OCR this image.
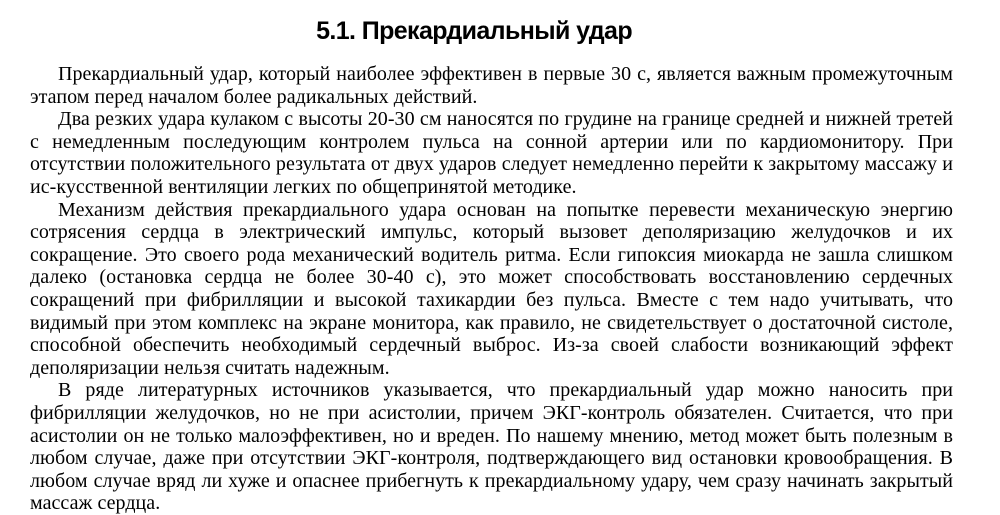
5.1. Прекардиальный удар

Прекардиальный удар, который наиболее эффективен в первые 30 с, является важным промежуточным этапом перед началом более радикальных действий.

Два резких удара кулаком с высоты 20-30 см наносятся по грудине на границе средней и нижней третей с немедленным последующим контролем пульса на сонной артерии или по кардиомонитору. При отсутствии положительного результата от двух ударов следует немедленно перейти к закрытому массажу и ис-кусственной вентиляции легких по общепринятой методике.

Механизм действия прекардиального удара основан на попытке перевести механическую энергию сотрясения сердца в электрический импульс, который вызовет деполяризацию желудочков и их сокращение. Это своего рода механический водитель ритма. Если гипоксия миокарда не зашла слишком далеко (остановка сердца не более 30-40 с), это может способствовать восстановлению сердечных сокращений при фибрилляции и высокой тахикардии без пульса. Вместе с тем надо учитывать, что видимый при этом комплекс на экране монитора, как правило, не свидетельствует о достаточной систоле, способной обеспечить необходимый сердечный выброс. Из-за своей слабости возникающий эффект деполяризации нельзя считать надежным.

В ряде литературных источников указывается, что прекардиальный удар можно наносить при фибрилляции желудочков, но не при асистолии, причем ЭКГ-контроль обязателен. Считается, что при асистолии он не только малоэффективен, но и вреден. По нашему мнению, метод может быть полезным в любом случае, даже при отсутствии ЭКГ-контроля, подтверждающего вид остановки кровообращения. В любом случае вряд ли хуже и опаснее прибегнуть к прекардиальному удару, чем сразу начинать закрытый массаж сердца.
